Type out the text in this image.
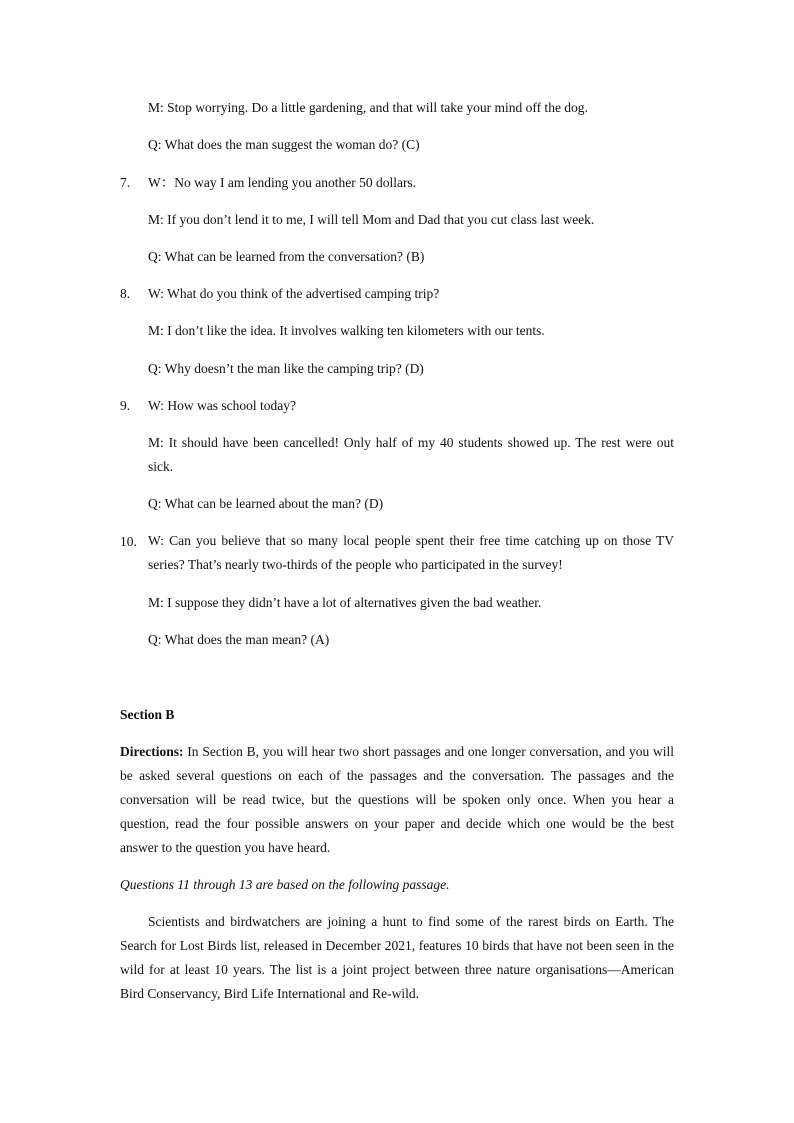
M: Stop worrying. Do a little gardening, and that will take your mind off the dog.
Q: What does the man suggest the woman do? (C)
7. W：No way I am lending you another 50 dollars.
M: If you don’t lend it to me, I will tell Mom and Dad that you cut class last week.
Q: What can be learned from the conversation? (B)
8. W: What do you think of the advertised camping trip?
M: I don’t like the idea. It involves walking ten kilometers with our tents.
Q: Why doesn’t the man like the camping trip? (D)
9. W: How was school today?
M: It should have been cancelled! Only half of my 40 students showed up. The rest were out sick.
Q: What can be learned about the man? (D)
10. W: Can you believe that so many local people spent their free time catching up on those TV series? That’s nearly two-thirds of the people who participated in the survey!
M: I suppose they didn’t have a lot of alternatives given the bad weather.
Q: What does the man mean? (A)
Section B
Directions: In Section B, you will hear two short passages and one longer conversation, and you will be asked several questions on each of the passages and the conversation. The passages and the conversation will be read twice, but the questions will be spoken only once. When you hear a question, read the four possible answers on your paper and decide which one would be the best answer to the question you have heard.
Questions 11 through 13 are based on the following passage.
Scientists and birdwatchers are joining a hunt to find some of the rarest birds on Earth. The Search for Lost Birds list, released in December 2021, features 10 birds that have not been seen in the wild for at least 10 years. The list is a joint project between three nature organisations—American Bird Conservancy, Bird Life International and Re-wild.
